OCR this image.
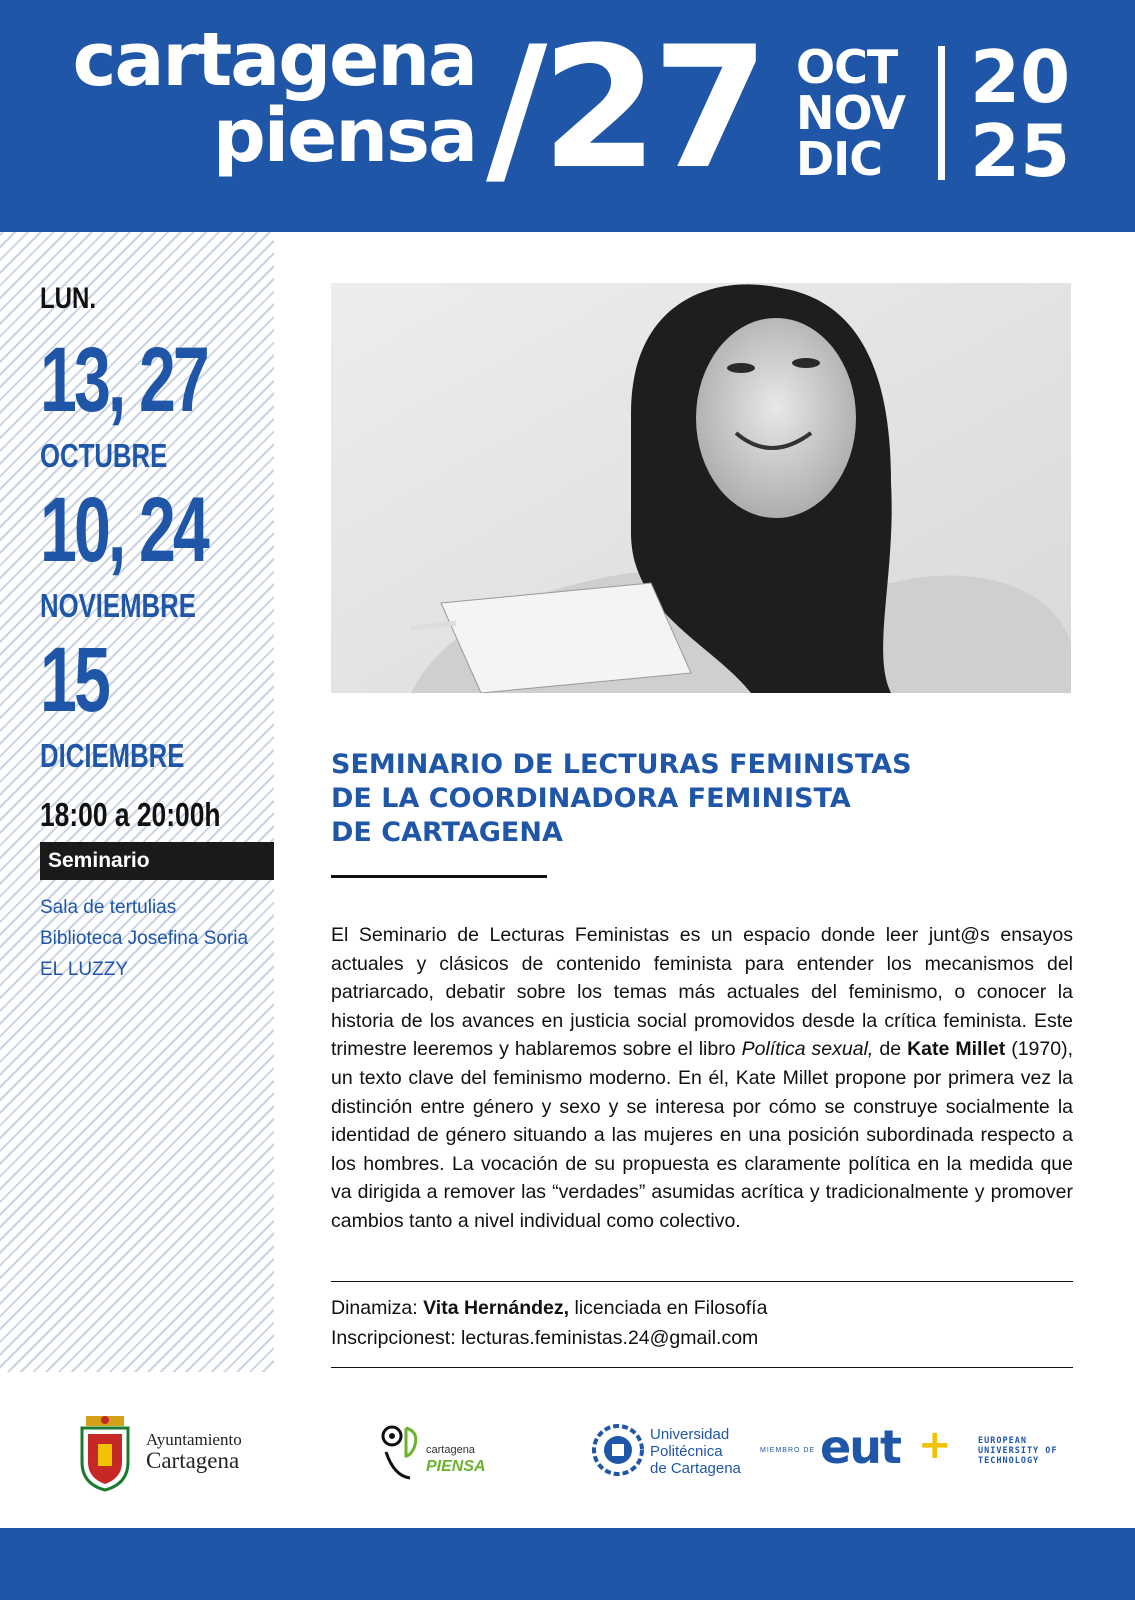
cartagena
piensa /27 OCT
NOV
DIC
20
25
LUN.
13, 27
OCTUBRE
10, 24
NOVIEMBRE
15
DICIEMBRE
18:00 a 20:00h
Seminario
Sala de tertulias
Biblioteca Josefina Soria
EL LUZZY
SEMINARIO DE LECTURAS FEMINISTAS
DE LA COORDINADORA FEMINISTA
DE CARTAGENA
El Seminario de Lecturas Feministas es un espacio donde leer junt@s ensayos actuales y clásicos de contenido feminista para entender los mecanismos del patriarcado, debatir sobre los temas más actuales del feminismo, o conocer la historia de los avances en justicia social promovidos desde la crítica feminista. Este trimestre leeremos y hablaremos sobre el libro Política sexual, de Kate Millet (1970), un texto clave del feminismo moderno. En él, Kate Millet propone por primera vez la distinción entre género y sexo y se interesa por cómo se construye socialmente la identidad de género situando a las mujeres en una posición subordinada respecto a los hombres. La vocación de su propuesta es claramente política en la medida que va dirigida a remover las “verdades” asumidas acrítica y tradicionalmente y promover cambios tanto a nivel individual como colectivo.
Dinamiza: Vita Hernández, licenciada en Filosofía
Inscripcionest: lecturas.feministas.24@gmail.com
Ayuntamiento
Cartagena	cartagena
PIENSA
Universidad
Politécnica
de Cartagena
MIEMBRO DE eut +	EUROPEAN
UNIVERSITY OF
TECHNOLOGY
